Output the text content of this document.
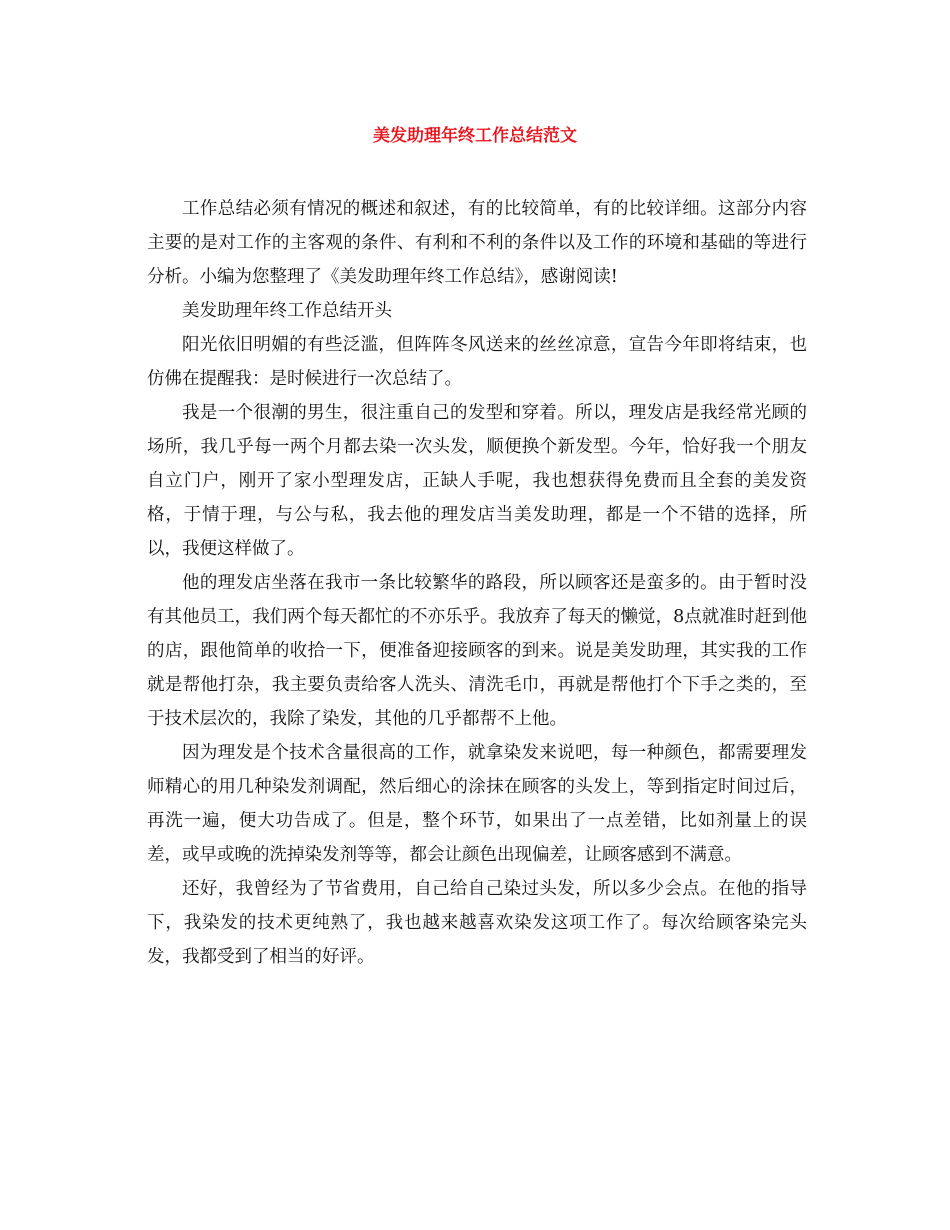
美发助理年终工作总结范文

工作总结必须有情况的概述和叙述，有的比较简单，有的比较详细。这部分内容主要的是对工作的主客观的条件、有利和不利的条件以及工作的环境和基础的等进行分析。小编为您整理了《美发助理年终工作总结》，感谢阅读!

美发助理年终工作总结开头

阳光依旧明媚的有些泛滥，但阵阵冬风送来的丝丝凉意，宣告今年即将结束，也仿佛在提醒我：是时候进行一次总结了。

我是一个很潮的男生，很注重自己的发型和穿着。所以，理发店是我经常光顾的场所，我几乎每一两个月都去染一次头发，顺便换个新发型。今年，恰好我一个朋友自立门户，刚开了家小型理发店，正缺人手呢，我也想获得免费而且全套的美发资格，于情于理，与公与私，我去他的理发店当美发助理，都是一个不错的选择，所以，我便这样做了。

他的理发店坐落在我市一条比较繁华的路段，所以顾客还是蛮多的。由于暂时没有其他员工，我们两个每天都忙的不亦乐乎。我放弃了每天的懒觉，8点就准时赶到他的店，跟他简单的收拾一下，便准备迎接顾客的到来。说是美发助理，其实我的工作就是帮他打杂，我主要负责给客人洗头、清洗毛巾，再就是帮他打个下手之类的，至于技术层次的，我除了染发，其他的几乎都帮不上他。

因为理发是个技术含量很高的工作，就拿染发来说吧，每一种颜色，都需要理发师精心的用几种染发剂调配，然后细心的涂抹在顾客的头发上，等到指定时间过后，再洗一遍，便大功告成了。但是，整个环节，如果出了一点差错，比如剂量上的误差，或早或晚的洗掉染发剂等等，都会让颜色出现偏差，让顾客感到不满意。

还好，我曾经为了节省费用，自己给自己染过头发，所以多少会点。在他的指导下，我染发的技术更纯熟了，我也越来越喜欢染发这项工作了。每次给顾客染完头发，我都受到了相当的好评。
